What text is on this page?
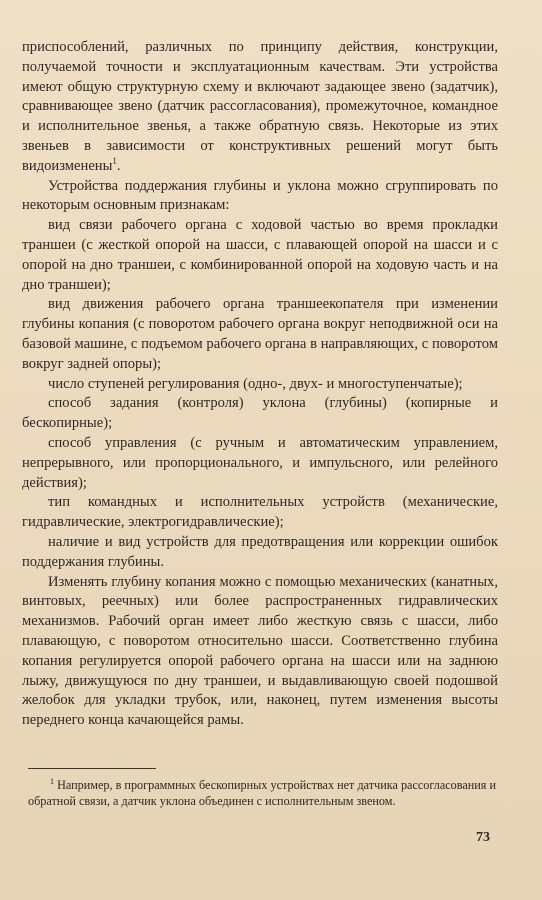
приспособлений, различных по принципу действия, конструкции, получаемой точности и эксплуатационным качествам. Эти устройства имеют общую структурную схему и включают задающее звено (задатчик), сравнивающее звено (датчик рассогласования), промежуточное, командное и исполнительное звенья, а также обратную связь. Некоторые из этих звеньев в зависимости от конструктивных решений могут быть видоизменены$^1$.

Устройства поддержания глубины и уклона можно сгруппировать по некоторым основным признакам:

вид связи рабочего органа с ходовой частью во время прокладки траншеи (с жесткой опорой на шасси, с плавающей опорой на шасси и с опорой на дно траншеи, с комбинированной опорой на ходовую часть и на дно траншеи);

вид движения рабочего органа траншеекопателя при изменении глубины копания (с поворотом рабочего органа вокруг неподвижной оси на базовой машине, с подъемом рабочего органа в направляющих, с поворотом вокруг задней опоры);

число ступеней регулирования (одно-, двух- и многоступенчатые);

способ задания (контроля) уклона (глубины) (копирные и бескопирные);

способ управления (с ручным и автоматическим управлением, непрерывного, или пропорционального, и импульсного, или релейного действия);

тип командных и исполнительных устройств (механические, гидравлические, электрогидравлические);

наличие и вид устройств для предотвращения или коррекции ошибок поддержания глубины.

Изменять глубину копания можно с помощью механических (канатных, винтовых, реечных) или более распространенных гидравлических механизмов. Рабочий орган имеет либо жесткую связь с шасси, либо плавающую, с поворотом относительно шасси. Соответственно глубина копания регулируется опорой рабочего органа на шасси или на заднюю лыжу, движущуюся по дну траншеи, и выдавливающую своей подошвой желобок для укладки трубок, или, наконец, путем изменения высоты переднего конца качающейся рамы.

$^1$ Например, в программных бескопирных устройствах нет датчика рассогласования и обратной связи, а датчик уклона объединен с исполнительным звеном.

73
